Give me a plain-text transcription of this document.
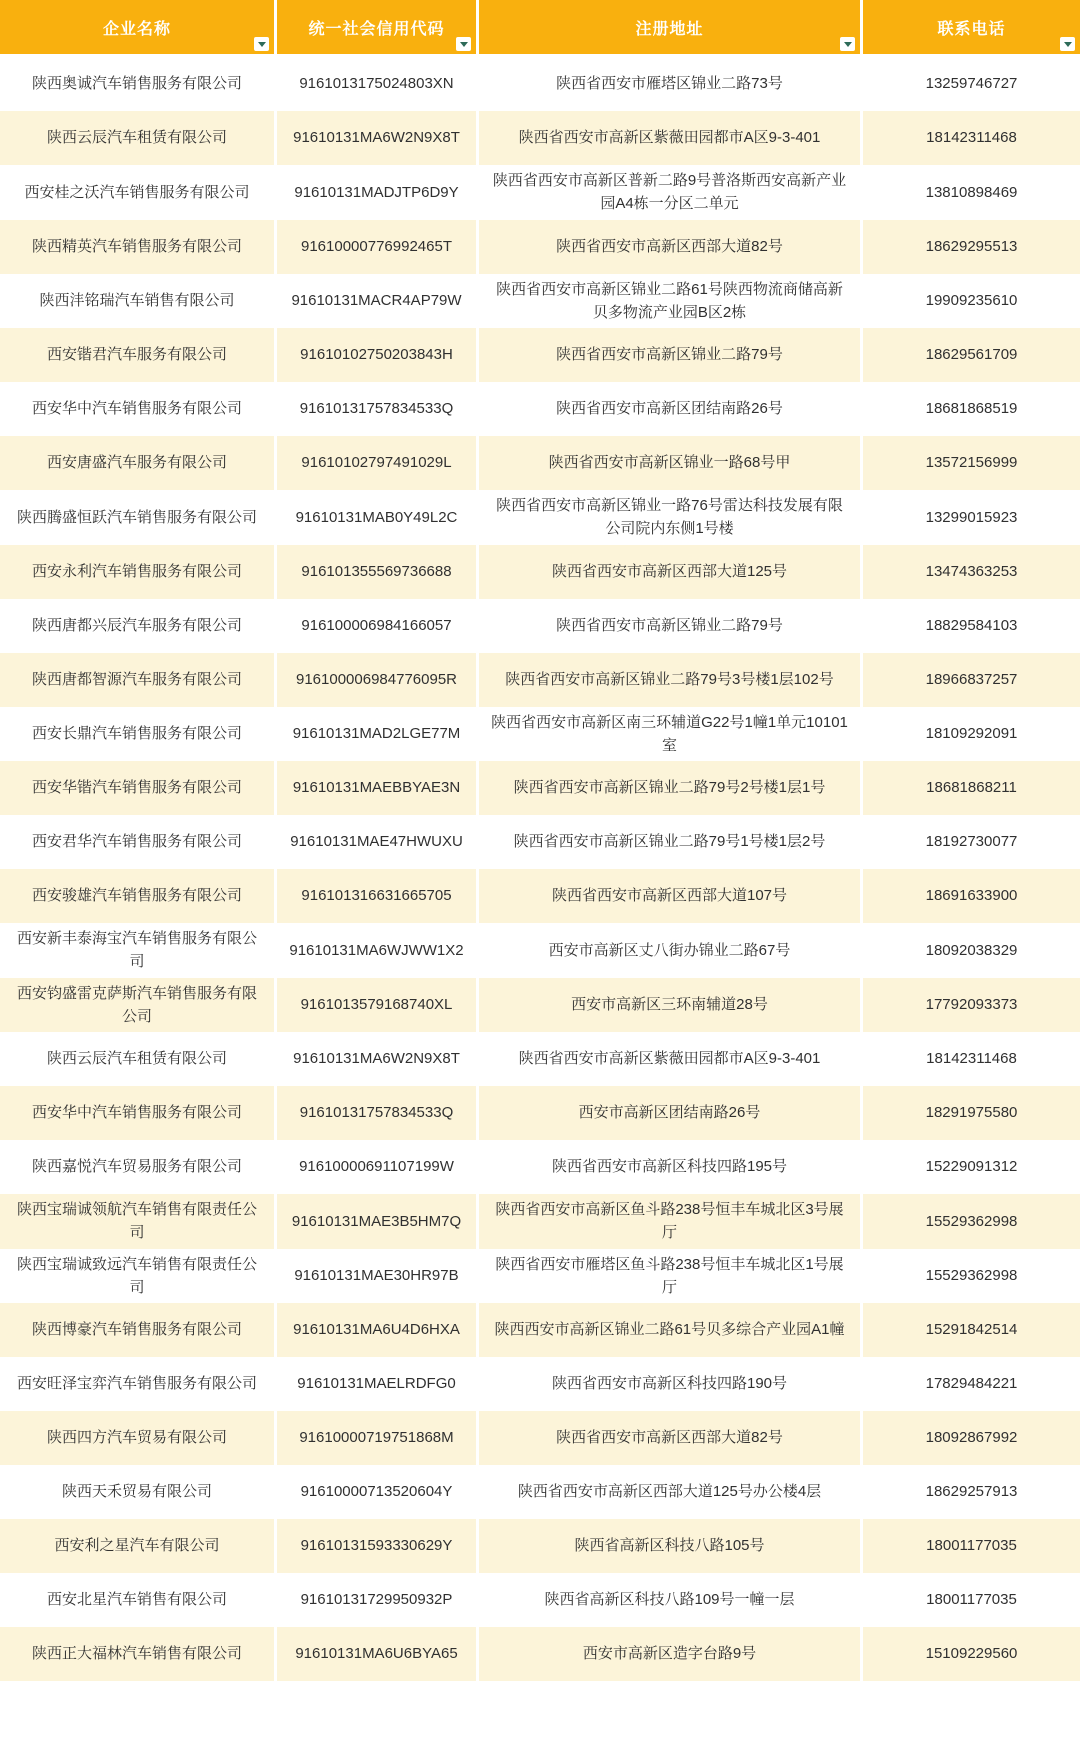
企业名称	统一社会信用代码	注册地址	联系电话

陕西奥诚汽车销售服务有限公司	9161013175024803XN	陕西省西安市雁塔区锦业二路73号	13259746727
陕西云辰汽车租赁有限公司	91610131MA6W2N9X8T	陕西省西安市高新区紫薇田园都市A区9-3-401	18142311468
西安桂之沃汽车销售服务有限公司	91610131MADJTP6D9Y	陕西省西安市高新区普新二路9号普洛斯西安高新产业园A4栋一分区二单元	13810898469
陕西精英汽车销售服务有限公司	91610000776992465T	陕西省西安市高新区西部大道82号	18629295513
陕西沣铭瑞汽车销售有限公司	91610131MACR4AP79W	陕西省西安市高新区锦业二路61号陕西物流商储高新贝多物流产业园B区2栋	19909235610
西安锴君汽车服务有限公司	91610102750203843H	陕西省西安市高新区锦业二路79号	18629561709
西安华中汽车销售服务有限公司	91610131757834533Q	陕西省西安市高新区团结南路26号	18681868519
西安唐盛汽车服务有限公司	91610102797491029L	陕西省西安市高新区锦业一路68号甲	13572156999
陕西腾盛恒跃汽车销售服务有限公司	91610131MAB0Y49L2C	陕西省西安市高新区锦业一路76号雷达科技发展有限公司院内东侧1号楼	13299015923
西安永利汽车销售服务有限公司	916101355569736688	陕西省西安市高新区西部大道125号	13474363253
陕西唐都兴辰汽车服务有限公司	916100006984166057	陕西省西安市高新区锦业二路79号	18829584103
陕西唐都智源汽车服务有限公司	916100006984776095R	陕西省西安市高新区锦业二路79号3号楼1层102号	18966837257
西安长鼎汽车销售服务有限公司	91610131MAD2LGE77M	陕西省西安市高新区南三环辅道G22号1幢1单元10101室	18109292091
西安华锴汽车销售服务有限公司	91610131MAEBBYAE3N	陕西省西安市高新区锦业二路79号2号楼1层1号	18681868211
西安君华汽车销售服务有限公司	91610131MAE47HWUXU	陕西省西安市高新区锦业二路79号1号楼1层2号	18192730077
西安骏雄汽车销售服务有限公司	916101316631665705	陕西省西安市高新区西部大道107号	18691633900
西安新丰泰海宝汽车销售服务有限公司	91610131MA6WJWW1X2	西安市高新区丈八街办锦业二路67号	18092038329
西安钧盛雷克萨斯汽车销售服务有限公司	9161013579168740XL	西安市高新区三环南辅道28号	17792093373
陕西云辰汽车租赁有限公司	91610131MA6W2N9X8T	陕西省西安市高新区紫薇田园都市A区9-3-401	18142311468
西安华中汽车销售服务有限公司	91610131757834533Q	西安市高新区团结南路26号	18291975580
陕西嘉悦汽车贸易服务有限公司	91610000691107199W	陕西省西安市高新区科技四路195号	15229091312
陕西宝瑞诚领航汽车销售有限责任公司	91610131MAE3B5HM7Q	陕西省西安市高新区鱼斗路238号恒丰车城北区3号展厅	15529362998
陕西宝瑞诚致远汽车销售有限责任公司	91610131MAE30HR97B	陕西省西安市雁塔区鱼斗路238号恒丰车城北区1号展厅	15529362998
陕西博豪汽车销售服务有限公司	91610131MA6U4D6HXA	陕西西安市高新区锦业二路61号贝多综合产业园A1幢	15291842514
西安旺泽宝弈汽车销售服务有限公司	91610131MAELRDFG0	陕西省西安市高新区科技四路190号	17829484221
陕西四方汽车贸易有限公司	91610000719751868M	陕西省西安市高新区西部大道82号	18092867992
陕西天禾贸易有限公司	91610000713520604Y	陕西省西安市高新区西部大道125号办公楼4层	18629257913
西安利之星汽车有限公司	91610131593330629Y	陕西省高新区科技八路105号	18001177035
西安北星汽车销售有限公司	91610131729950932P	陕西省高新区科技八路109号一幢一层	18001177035
陕西正大福林汽车销售有限公司	91610131MA6U6BYA65	西安市高新区造字台路9号	15109229560
